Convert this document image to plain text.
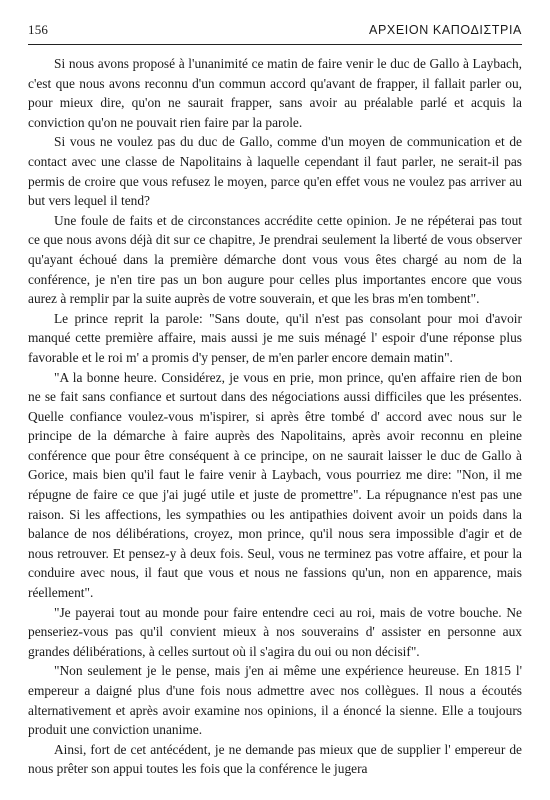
156	ΑΡΧΕΙΟΝ ΚΑΠΟΔΙΣΤΡΙΑ

Si nous avons proposé à l'unanimité ce matin de faire venir le duc de Gallo à Laybach, c'est que nous avons reconnu d'un commun accord qu'avant de frapper, il fallait parler ou, pour mieux dire, qu'on ne saurait frapper, sans avoir au préalable parlé et acquis la conviction qu'on ne pouvait rien faire par la parole.

Si vous ne voulez pas du duc de Gallo, comme d'un moyen de communication et de contact avec une classe de Napolitains à laquelle cependant il faut parler, ne serait-il pas permis de croire que vous refusez le moyen, parce qu'en effet vous ne voulez pas arriver au but vers lequel il tend?

Une foule de faits et de circonstances accrédite cette opinion. Je ne répéterai pas tout ce que nous avons déjà dit sur ce chapitre, Je prendrai seulement la liberté de vous observer qu'ayant échoué dans la première démarche dont vous vous êtes chargé au nom de la conférence, je n'en tire pas un bon augure pour celles plus importantes encore que vous aurez à remplir par la suite auprès de votre souverain, et que les bras m'en tombent".

Le prince reprit la parole: "Sans doute, qu'il n'est pas consolant pour moi d'avoir manqué cette première affaire, mais aussi je me suis ménagé l' espoir d'une réponse plus favorable et le roi m' a promis d'y penser, de m'en parler encore demain matin".

"A la bonne heure. Considérez, je vous en prie, mon prince, qu'en affaire rien de bon ne se fait sans confiance et surtout dans des négociations aussi difficiles que les présentes. Quelle confiance voulez-vous m'ispirer, si après être tombé d' accord avec nous sur le principe de la démarche à faire auprès des Napolitains, après avoir reconnu en pleine conférence que pour être conséquent à ce principe, on ne saurait laisser le duc de Gallo à Gorice, mais bien qu'il faut le faire venir à Laybach, vous pourriez me dire: "Non, il me répugne de faire ce que j'ai jugé utile et juste de promettre". La répugnance n'est pas une raison. Si les affections, les sympathies ou les antipathies doivent avoir un poids dans la balance de nos délibérations, croyez, mon prince, qu'il nous sera impossible d'agir et de nous retrouver. Et pensez-y à deux fois. Seul, vous ne terminez pas votre affaire, et pour la conduire avec nous, il faut que vous et nous ne fassions qu'un, non en apparence, mais réellement".

"Je payerai tout au monde pour faire entendre ceci au roi, mais de votre bouche. Ne penseriez-vous pas qu'il convient mieux à nos souverains d' assister en personne aux grandes délibérations, à celles surtout où il s'agira du oui ou non décisif".

"Non seulement je le pense, mais j'en ai même une expérience heureuse. En 1815 l' empereur a daigné plus d'une fois nous admettre avec nos collègues. Il nous a écoutés alternativement et après avoir examine nos opinions, il a énoncé la sienne. Elle a toujours produit une conviction unanime.

Ainsi, fort de cet antécédent, je ne demande pas mieux que de supplier l' empereur de nous prêter son appui toutes les fois que la conférence le jugera
